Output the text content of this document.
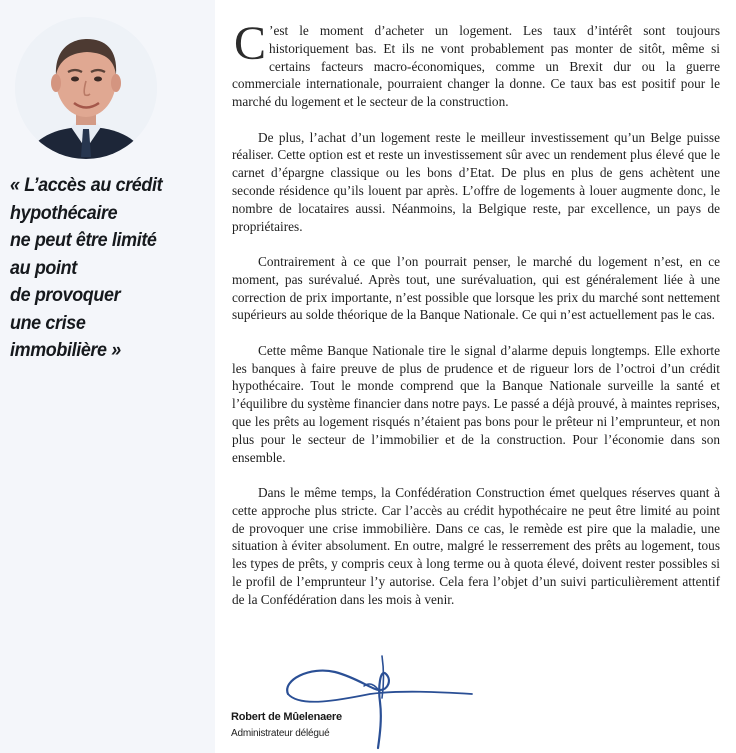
« L’accès au crédit
hypothécaire
ne peut être limité
au point
de provoquer
une crise
immobilière »

C ’est le moment d’acheter un logement. Les taux d’intérêt sont toujours historiquement bas. Et ils ne vont probablement pas monter de sitôt, même si certains facteurs macro-économiques, comme un Brexit dur ou la guerre commerciale internationale, pourraient changer la donne. Ce taux bas est positif pour le marché du logement et le secteur de la construction.

De plus, l’achat d’un logement reste le meilleur investissement qu’un Belge puisse réaliser. Cette option est et reste un investissement sûr avec un rendement plus élevé que le carnet d’épargne classique ou les bons d’Etat. De plus en plus de gens achètent une seconde résidence qu’ils louent par après. L’offre de logements à louer augmente donc, le nombre de locataires aussi. Néanmoins, la Belgique reste, par excellence, un pays de propriétaires.

Contrairement à ce que l’on pourrait penser, le marché du logement n’est, en ce moment, pas surévalué. Après tout, une surévaluation, qui est généralement liée à une correction de prix importante, n’est possible que lorsque les prix du marché sont nettement supérieurs au solde théorique de la Banque Nationale. Ce qui n’est actuellement pas le cas.

Cette même Banque Nationale tire le signal d’alarme depuis longtemps. Elle exhorte les banques à faire preuve de plus de prudence et de rigueur lors de l’octroi d’un crédit hypothécaire. Tout le monde comprend que la Banque Nationale surveille la santé et l’équilibre du système financier dans notre pays. Le passé a déjà prouvé, à maintes reprises, que les prêts au logement risqués n’étaient pas bons pour le prêteur ni l’emprunteur, et non plus pour le secteur de l’immobilier et de la construction. Pour l’économie dans son ensemble.

Dans le même temps, la Confédération Construction émet quelques réserves quant à cette approche plus stricte. Car l’accès au crédit hypothécaire ne peut être limité au point de provoquer une crise immobilière. Dans ce cas, le remède est pire que la maladie, une situation à éviter absolument. En outre, malgré le resserrement des prêts au logement, tous les types de prêts, y compris ceux à long terme ou à quota élevé, doivent rester possibles si le profil de l’emprunteur l’y autorise. Cela fera l’objet d’un suivi particulièrement attentif de la Confédération dans les mois à venir.

Robert de Mûelenaere
Administrateur délégué
